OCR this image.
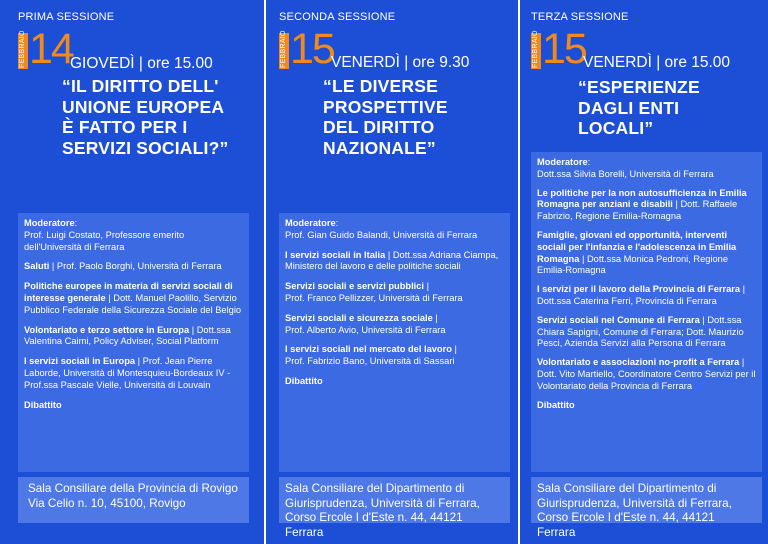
PRIMA SESSIONE
FEBBRAIO 14
GIOVEDÌ | ore 15.00
“IL DIRITTO DELL'
UNIONE EUROPEA
È FATTO PER I
SERVIZI SOCIALI?”
Moderatore:
Prof. Luigi Costato, Professore emerito dell'Università di Ferrara
Saluti | Prof. Paolo Borghi, Università di Ferrara
Politiche europee in materia di servizi sociali di interesse generale | Dott. Manuel Paolillo, Servizio Pubblico Federale della Sicurezza Sociale del Belgio
Volontariato e terzo settore in Europa | Dott.ssa Valentina Caimi, Policy Adviser, Social Platform
I servizi sociali in Europa | Prof. Jean Pierre Laborde, Università di Montesquieu-Bordeaux IV - Prof.ssa Pascale Vielle, Università di Louvain
Dibattito
Sala Consiliare della Provincia di Rovigo
Via Celio n. 10, 45100, Rovigo
SECONDA SESSIONE
FEBBRAIO 15
VENERDÌ | ore 9.30
“LE DIVERSE
PROSPETTIVE
DEL DIRITTO
NAZIONALE”
Moderatore:
Prof. Gian Guido Balandi, Università di Ferrara
I servizi sociali in Italia | Dott.ssa Adriana Ciampa, Ministero del lavoro e delle politiche sociali
Servizi sociali e servizi pubblici |
Prof. Franco Pellizzer, Università di Ferrara
Servizi sociali e sicurezza sociale |
Prof. Alberto Avio, Università di Ferrara
I servizi sociali nel mercato del lavoro |
Prof. Fabrizio Bano, Università di Sassari
Dibattito
Sala Consiliare del Dipartimento di
Giurisprudenza, Università di Ferrara,
Corso Ercole I d'Este n. 44, 44121 Ferrara
TERZA SESSIONE
FEBBRAIO 15
VENERDÌ | ore 15.00
“ESPERIENZE
DAGLI ENTI
LOCALI”
Moderatore:
Dott.ssa Silvia Borelli, Università di Ferrara
Le politiche per la non autosufficienza in Emilia Romagna per anziani e disabili | Dott. Raffaele Fabrizio, Regione Emilia-Romagna
Famiglie, giovani ed opportunità, interventi sociali per l'infanzia e l'adolescenza in Emilia Romagna | Dott.ssa Monica Pedroni, Regione Emilia-Romagna
I servizi per il lavoro della Provincia di Ferrara | Dott.ssa Caterina Ferri, Provincia di Ferrara
Servizi sociali nel Comune di Ferrara | Dott.ssa Chiara Sapigni, Comune di Ferrara; Dott. Maurizio Pesci, Azienda Servizi alla Persona di Ferrara
Volontariato e associazioni no-profit a Ferrara | Dott. Vito Martiello, Coordinatore Centro Servizi per il Volontariato della Provincia di Ferrara
Dibattito
Sala Consiliare del Dipartimento di
Giurisprudenza, Università di Ferrara,
Corso Ercole I d'Este n. 44, 44121 Ferrara
